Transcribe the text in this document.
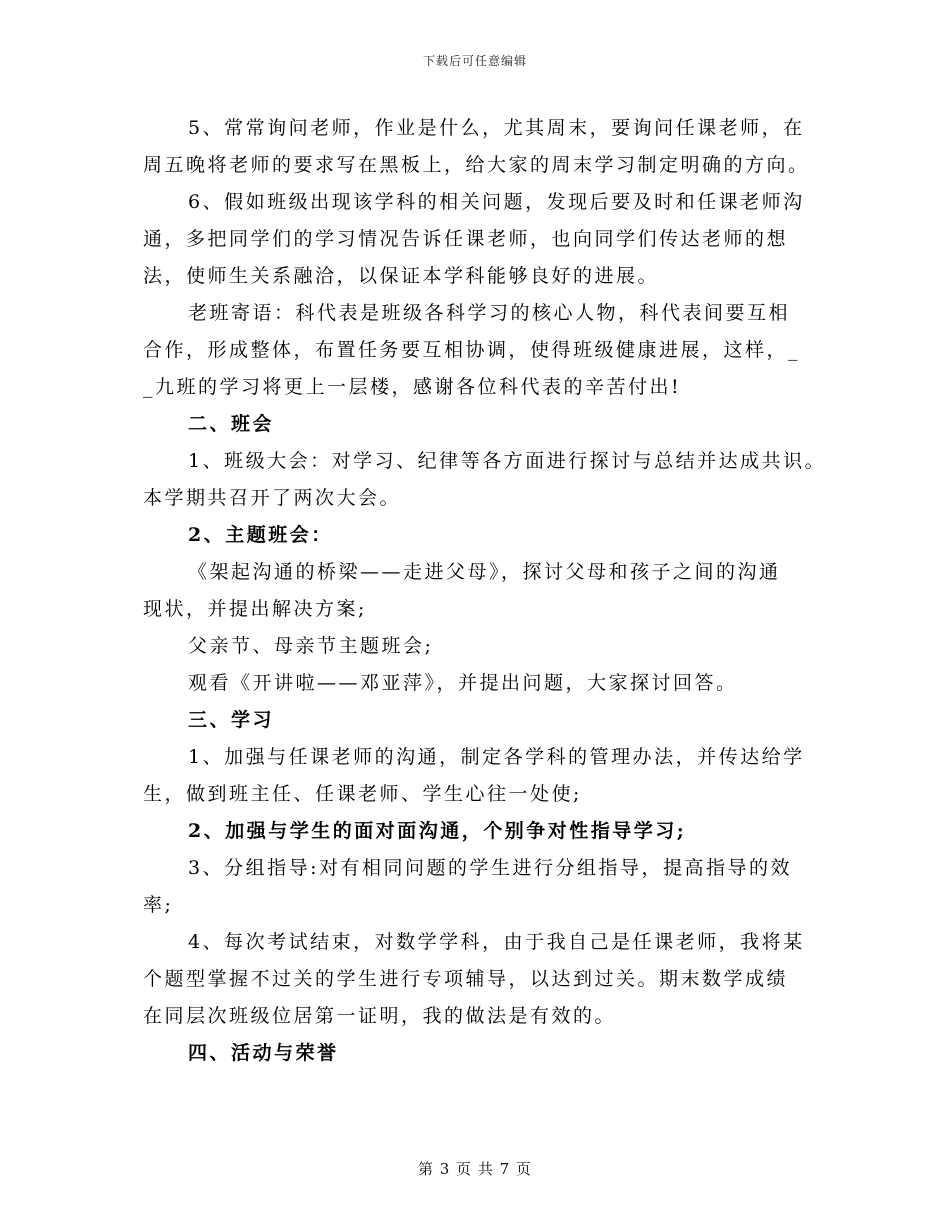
下载后可任意编辑

5、常常询问老师，作业是什么，尤其周末，要询问任课老师，在

周五晚将老师的要求写在黑板上，给大家的周末学习制定明确的方向。

6、假如班级出现该学科的相关问题，发现后要及时和任课老师沟

通，多把同学们的学习情况告诉任课老师，也向同学们传达老师的想

法，使师生关系融洽，以保证本学科能够良好的进展。

老班寄语：科代表是班级各科学习的核心人物，科代表间要互相

合作，形成整体，布置任务要互相协调，使得班级健康进展，这样，_

_九班的学习将更上一层楼，感谢各位科代表的辛苦付出!

二、班会

1、班级大会：对学习、纪律等各方面进行探讨与总结并达成共识。

本学期共召开了两次大会。

2、主题班会：

《架起沟通的桥梁——走进父母》，探讨父母和孩子之间的沟通

现状，并提出解决方案;

父亲节、母亲节主题班会;

观看《开讲啦——邓亚萍》，并提出问题，大家探讨回答。

三、学习

1、加强与任课老师的沟通，制定各学科的管理办法，并传达给学

生，做到班主任、任课老师、学生心往一处使;

2、加强与学生的面对面沟通，个别争对性指导学习;

3、分组指导:对有相同问题的学生进行分组指导，提高指导的效

率;

4、每次考试结束，对数学学科，由于我自己是任课老师，我将某

个题型掌握不过关的学生进行专项辅导，以达到过关。期末数学成绩

在同层次班级位居第一证明，我的做法是有效的。

四、活动与荣誉

第 3 页 共 7 页
